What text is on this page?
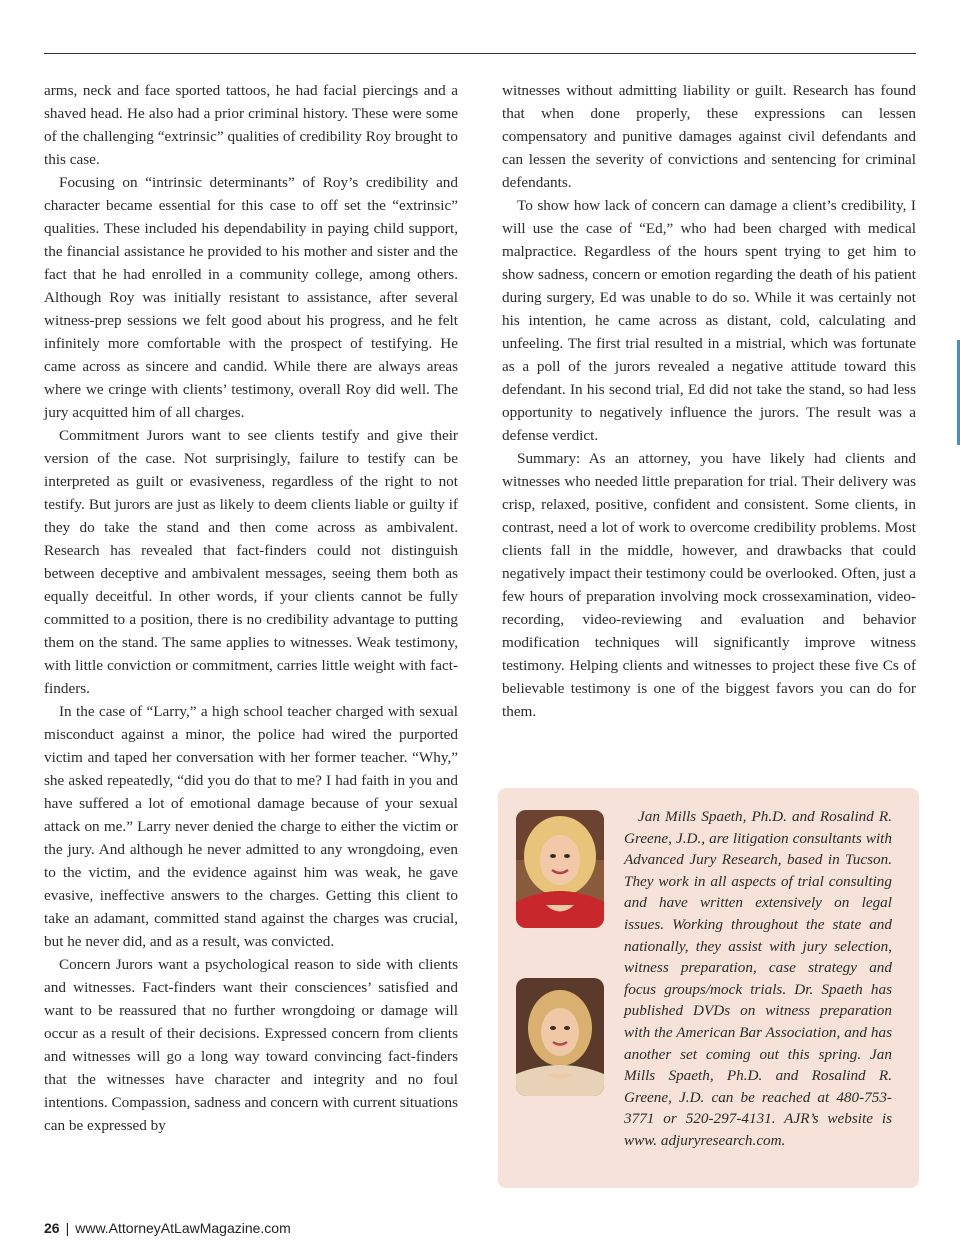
arms, neck and face sported tattoos, he had facial piercings and a shaved head. He also had a prior criminal history. These were some of the challenging “extrinsic” qualities of credibility Roy brought to this case.

Focusing on “intrinsic determinants” of Roy’s credibility and character became essential for this case to off set the “extrinsic” qualities. These included his dependability in paying child support, the financial assistance he provided to his mother and sister and the fact that he had enrolled in a community college, among others. Although Roy was initially resistant to assistance, after several witness-prep sessions we felt good about his progress, and he felt infinitely more comfortable with the prospect of testifying. He came across as sincere and candid. While there are always areas where we cringe with clients’ testimony, overall Roy did well. The jury acquitted him of all charges.

Commitment Jurors want to see clients testify and give their version of the case. Not surprisingly, failure to testify can be interpreted as guilt or evasiveness, regardless of the right to not testify. But jurors are just as likely to deem clients liable or guilty if they do take the stand and then come across as ambivalent. Research has revealed that fact-finders could not distinguish between deceptive and ambivalent messages, seeing them both as equally deceitful. In other words, if your clients cannot be fully committed to a position, there is no credibility advantage to putting them on the stand. The same applies to witnesses. Weak testimony, with little conviction or commitment, carries little weight with fact-finders.

In the case of “Larry,” a high school teacher charged with sexual misconduct against a minor, the police had wired the purported victim and taped her conversation with her former teacher. “Why,” she asked repeatedly, “did you do that to me? I had faith in you and have suffered a lot of emotional damage because of your sexual attack on me.” Larry never denied the charge to either the victim or the jury. And although he never admitted to any wrongdoing, even to the victim, and the evidence against him was weak, he gave evasive, ineffective answers to the charges. Getting this client to take an adamant, committed stand against the charges was crucial, but he never did, and as a result, was convicted.

Concern Jurors want a psychological reason to side with clients and witnesses. Fact-finders want their consciences’ satisfied and want to be reassured that no further wrongdoing or damage will occur as a result of their decisions. Expressed concern from clients and witnesses will go a long way toward convincing fact-finders that the witnesses have character and integrity and no foul intentions. Compassion, sadness and concern with current situations can be expressed by

witnesses without admitting liability or guilt. Research has found that when done properly, these expressions can lessen compensatory and punitive damages against civil defendants and can lessen the severity of convictions and sentencing for criminal defendants.

To show how lack of concern can damage a client’s credibility, I will use the case of “Ed,” who had been charged with medical malpractice. Regardless of the hours spent trying to get him to show sadness, concern or emotion regarding the death of his patient during surgery, Ed was unable to do so. While it was certainly not his intention, he came across as distant, cold, calculating and unfeeling. The first trial resulted in a mistrial, which was fortunate as a poll of the jurors revealed a negative attitude toward this defendant. In his second trial, Ed did not take the stand, so had less opportunity to negatively influence the jurors. The result was a defense verdict.

Summary: As an attorney, you have likely had clients and witnesses who needed little preparation for trial. Their delivery was crisp, relaxed, positive, confident and consistent. Some clients, in contrast, need a lot of work to overcome credibility problems. Most clients fall in the middle, however, and drawbacks that could negatively impact their testimony could be overlooked. Often, just a few hours of preparation involving mock crossexamination, video-recording, video-reviewing and evaluation and behavior modification techniques will significantly improve witness testimony. Helping clients and witnesses to project these five Cs of believable testimony is one of the biggest favors you can do for them.

Jan Mills Spaeth, Ph.D. and Rosalind R. Greene, J.D., are litigation consultants with Advanced Jury Research, based in Tucson. They work in all aspects of trial consulting and have written extensively on legal issues. Working throughout the state and nationally, they assist with jury selection, witness preparation, case strategy and focus groups/mock trials. Dr. Spaeth has published DVDs on witness preparation with the American Bar Association, and has another set coming out this spring. Jan Mills Spaeth, Ph.D. and Rosalind R. Greene, J.D. can be reached at 480-753-3771 or 520-297-4131. AJR’s website is www. adjuryresearch.com.

26 | www.AttorneyAtLawMagazine.com
